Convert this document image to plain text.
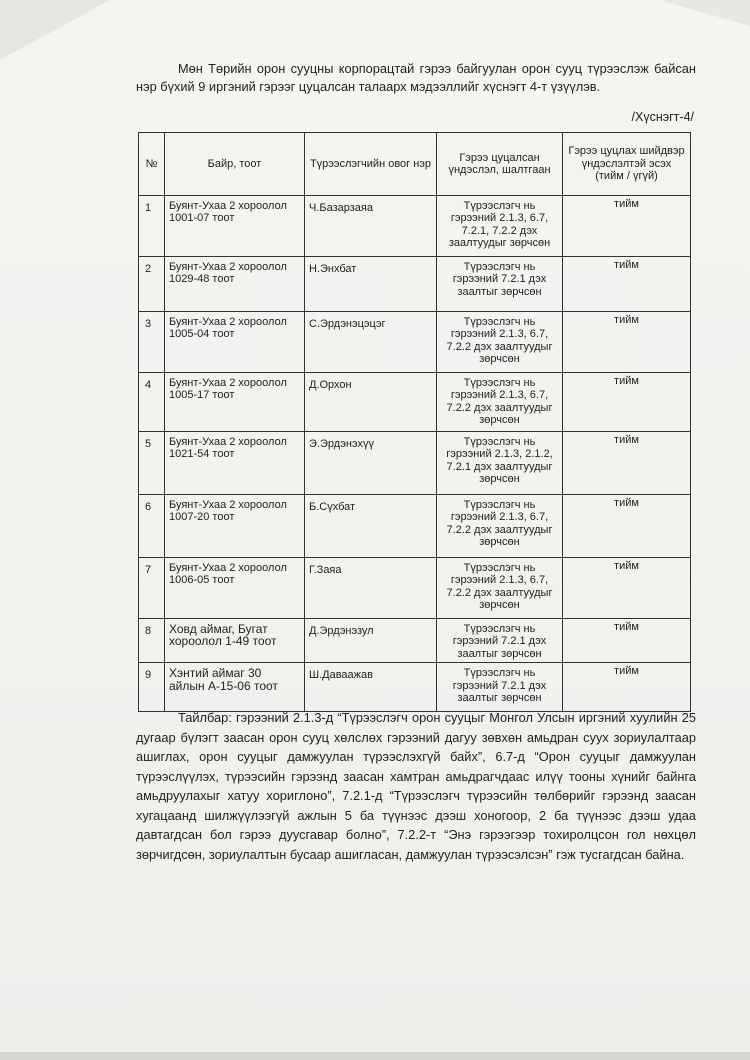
Мөн Төрийн орон сууцны корпорацтай гэрээ байгуулан орон сууц түрээслэж байсан нэр бүхий 9 иргэний гэрээг цуцалсан талаарх мэдээллийг хүснэгт 4-т үзүүлэв.

/Хүснэгт-4/
№	Байр, тоот	Түрээслэгчийн овог нэр	Гэрээ цуцалсан үндэслэл, шалтгаан	Гэрээ цуцлах шийдвэр үндэслэлтэй эсэх (тийм / үгүй)
1	Буянт-Ухаа 2 хороолол 1001-07 тоот	Ч.Базарзаяа	Түрээслэгч нь гэрээний 2.1.3, 6.7, 7.2.1, 7.2.2 дэх заалтуудыг зөрчсөн	тийм
2	Буянт-Ухаа 2 хороолол 1029-48 тоот	Н.Энхбат	Түрээслэгч нь гэрээний 7.2.1 дэх заалтыг зөрчсөн	тийм
3	Буянт-Ухаа 2 хороолол 1005-04 тоот	С.Эрдэнэцэцэг	Түрээслэгч нь гэрээний 2.1.3, 6.7, 7.2.2 дэх заалтуудыг зөрчсөн	тийм
4	Буянт-Ухаа 2 хороолол 1005-17 тоот	Д.Орхон	Түрээслэгч нь гэрээний 2.1.3, 6.7, 7.2.2 дэх заалтуудыг зөрчсөн	тийм
5	Буянт-Ухаа 2 хороолол 1021-54 тоот	Э.Эрдэнэхүү	Түрээслэгч нь гэрээний 2.1.3, 2.1.2, 7.2.1 дэх заалтуудыг зөрчсөн	тийм
6	Буянт-Ухаа 2 хороолол 1007-20 тоот	Б.Сүхбат	Түрээслэгч нь гэрээний 2.1.3, 6.7, 7.2.2 дэх заалтуудыг зөрчсөн	тийм
7	Буянт-Ухаа 2 хороолол 1006-05 тоот	Г.Заяа	Түрээслэгч нь гэрээний 2.1.3, 6.7, 7.2.2 дэх заалтуудыг зөрчсөн	тийм
8	Ховд аймаг, Бугат хороолол 1-49 тоот	Д.Эрдэнэзул	Түрээслэгч нь гэрээний 7.2.1 дэх заалтыг зөрчсөн	тийм
9	Хэнтий аймаг 30 айлын А-15-06 тоот	Ш.Даваажав	Түрээслэгч нь гэрээний 7.2.1 дэх заалтыг зөрчсөн	тийм

Тайлбар: гэрээний 2.1.3-д “Түрээслэгч орон сууцыг Монгол Улсын иргэний хуулийн 25 дугаар бүлэгт заасан орон сууц хөлслөх гэрээний дагуу зөвхөн амьдран суух зориулалтаар ашиглах, орон сууцыг дамжуулан түрээслэхгүй байх”, 6.7-д “Орон сууцыг дамжуулан түрээслүүлэх, түрээсийн гэрээнд заасан хамтран амьдрагчдаас илүү тооны хүнийг байнга амьдруулахыг хатуу хориглоно”, 7.2.1-д “Түрээслэгч түрээсийн төлбөрийг гэрээнд заасан хугацаанд шилжүүлээгүй ажлын 5 ба түүнээс дээш хоногоор, 2 ба түүнээс дээш удаа давтагдсан бол гэрээ дуусгавар болно”, 7.2.2-т “Энэ гэрээгээр тохиролцсон гол нөхцөл зөрчигдсөн, зориулалтын бусаар ашигласан, дамжуулан түрээсэлсэн” гэж тусгагдсан байна.
